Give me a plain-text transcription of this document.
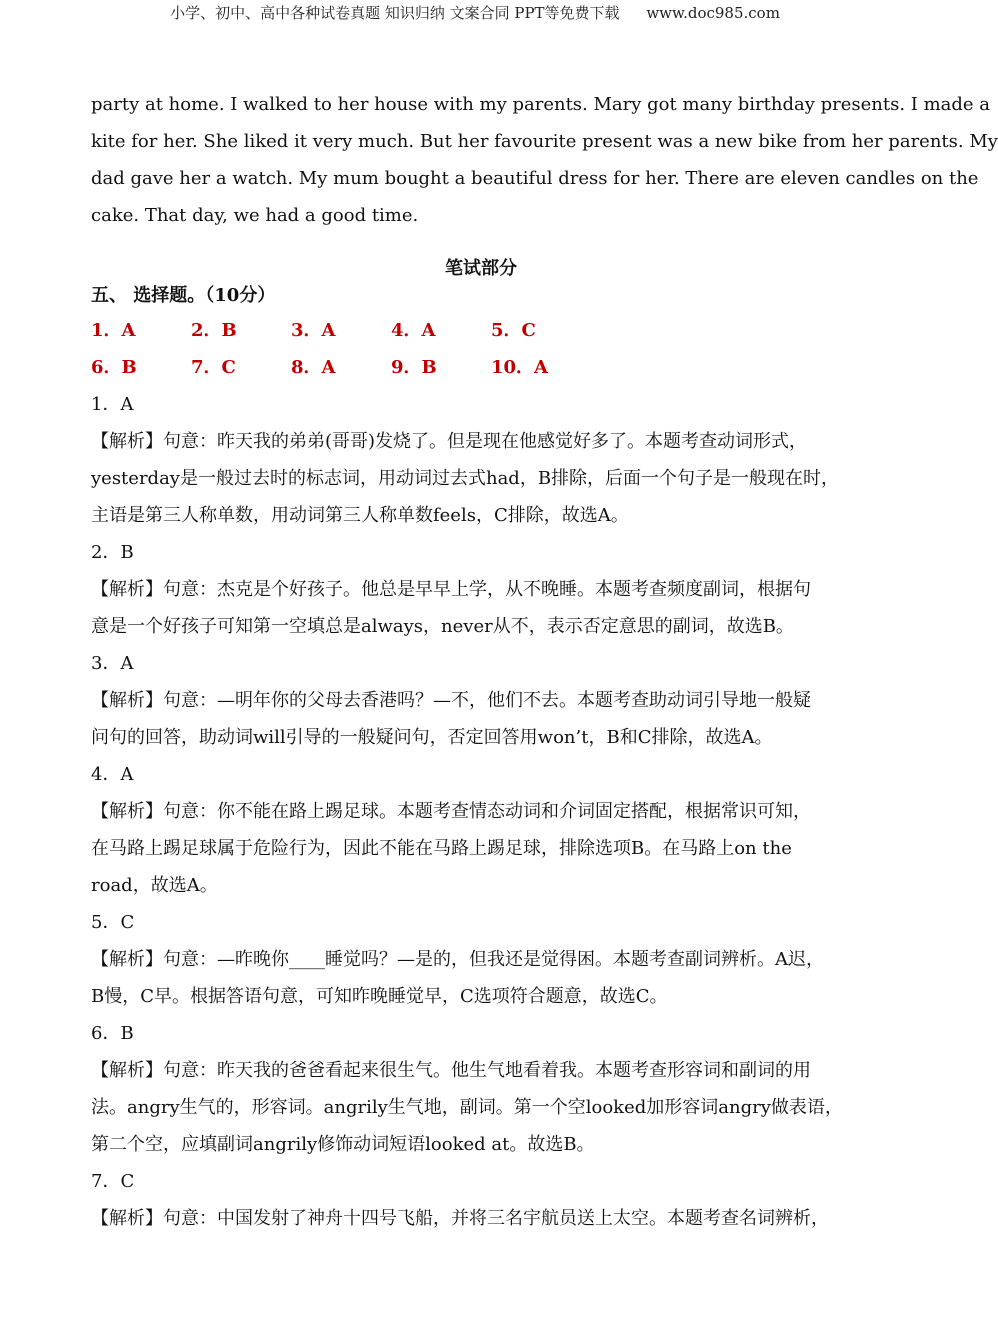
小学、初中、高中各种试卷真题 知识归纳 文案合同 PPT等免费下载 www.doc985.com
party at home. I walked to her house with my parents. Mary got many birthday presents. I made a
kite for her. She liked it very much. But her favourite present was a new bike from her parents. My
dad gave her a watch. My mum bought a beautiful dress for her. There are eleven candles on the
cake. That day, we had a good time.
笔试部分
五、 选择题。（10分）
1．A	2．B	3．A	4．A	5．C
6．B	7．C	8．A	9．B	10．A
1．A
【解析】句意：昨天我的弟弟(哥哥)发烧了。但是现在他感觉好多了。本题考查动词形式，
yesterday是一般过去时的标志词，用动词过去式had，B排除，后面一个句子是一般现在时，
主语是第三人称单数，用动词第三人称单数feels，C排除，故选A。
2．B
【解析】句意：杰克是个好孩子。他总是早早上学，从不晚睡。本题考查频度副词，根据句
意是一个好孩子可知第一空填总是always，never从不，表示否定意思的副词，故选B。
3．A
【解析】句意：—明年你的父母去香港吗？—不，他们不去。本题考查助动词引导地一般疑
问句的回答，助动词will引导的一般疑问句，否定回答用won’t，B和C排除，故选A。
4．A
【解析】句意：你不能在路上踢足球。本题考查情态动词和介词固定搭配，根据常识可知，
在马路上踢足球属于危险行为，因此不能在马路上踢足球，排除选项B。在马路上on the
road，故选A。
5．C
【解析】句意：—昨晚你____睡觉吗？—是的，但我还是觉得困。本题考查副词辨析。A迟，
B慢，C早。根据答语句意，可知昨晚睡觉早，C选项符合题意，故选C。
6．B
【解析】句意：昨天我的爸爸看起来很生气。他生气地看着我。本题考查形容词和副词的用
法。angry生气的，形容词。angrily生气地，副词。第一个空looked加形容词angry做表语，
第二个空，应填副词angrily修饰动词短语looked at。故选B。
7．C
【解析】句意：中国发射了神舟十四号飞船，并将三名宇航员送上太空。本题考查名词辨析，
